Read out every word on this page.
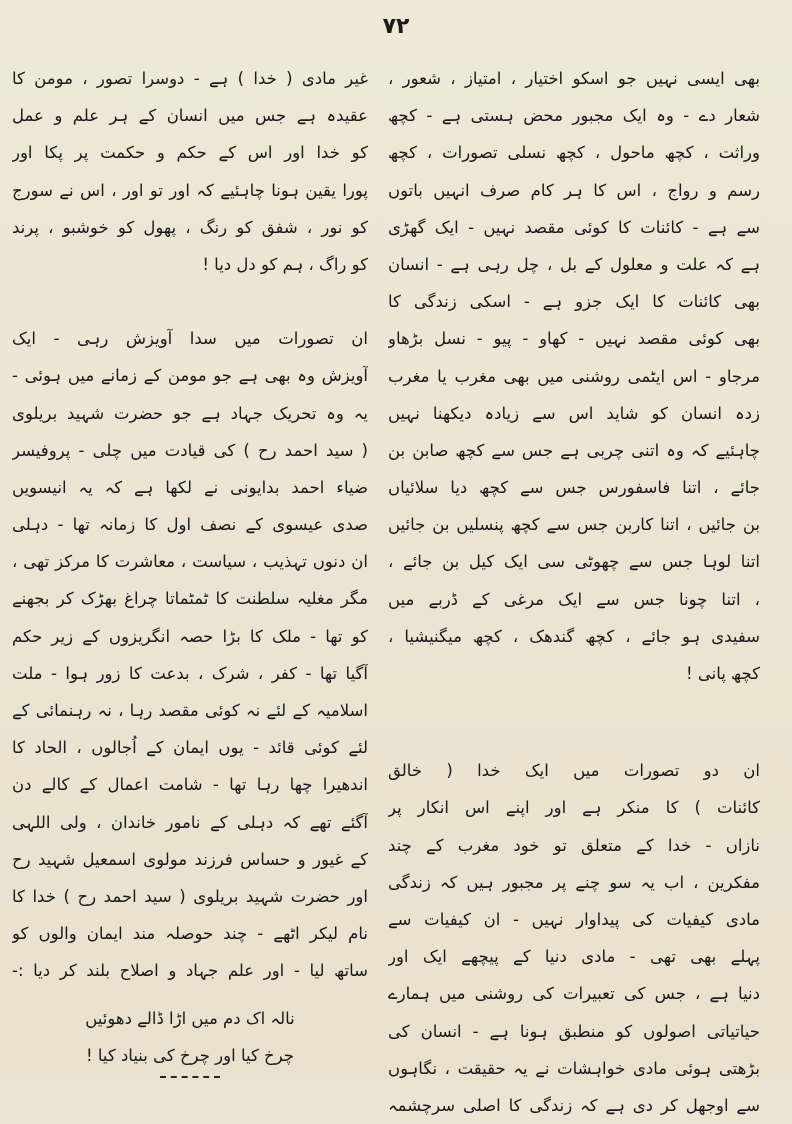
۷۲
بھی ایسی نہیں جو اسکو اختیار ، امتیاز ، شعور ،
شعار دے - وہ ایک مجبور محض ہستی ہے - کچھ
وراثت ، کچھ ماحول ، کچھ نسلی تصورات ، کچھ
رسم و رواج ، اس کا ہر کام صرف انہیں باتوں
سے ہے - کائنات کا کوئی مقصد نہیں - ایک گھڑی
ہے کہ علت و معلول کے بل ، چل رہی ہے - انسان
بھی کائنات کا ایک جزو ہے - اسکی زندگی کا
بھی کوئی مقصد نہیں - کھاو - پیو - نسل بڑھاو
مرجاو - اس ایٹمی روشنی میں بھی مغرب یا مغرب
زدہ انسان کو شاید اس سے زیادہ دیکھنا نہیں
چاہئیے کہ وہ اتنی چربی ہے جس سے کچھ صابن بن
جائے ، اتنا فاسفورس جس سے کچھ دیا سلائیاں
بن جائیں ، اتنا کاربن جس سے کچھ پنسلیں بن جائیں
اتنا لوہا جس سے چھوٹی سی ایک کیل بن جائے ،
، اتنا چونا جس سے ایک مرغی کے ڈربے میں
سفیدی ہو جائے ، کچھ گندھک ، کچھ میگنیشیا ،
کچھ پانی !
ان دو تصورات میں ایک خدا ( خالق
کائنات ) کا منکر ہے اور اپنے اس انکار پر
نازاں - خدا کے متعلق تو خود مغرب کے چند
مفکرین ، اب یہ سو چنے پر مجبور ہیں کہ زندگی
مادی کیفیات کی پیداوار نہیں - ان کیفیات سے
پہلے بھی تھی - مادی دنیا کے پیچھے ایک اور
دنیا ہے ، جس کی تعبیرات کی روشنی میں ہمارے
حیاتیاتی اصولوں کو منطبق ہونا ہے - انسان کی
بڑھتی ہوئی مادی خواہشات نے یہ حقیقت ، نگاہوں
سے اوجھل کر دی ہے کہ زندگی کا اصلی سرچشمہ
غیر مادی ( خدا ) ہے - دوسرا تصور ، مومن کا
عقیدہ ہے جس میں انسان کے ہر علم و عمل
کو خدا اور اس کے حکم و حکمت پر پکا اور
پورا یقین ہونا چاہئیے کہ اور تو اور ، اس نے سورج
کو نور ، شفق کو رنگ ، پھول کو خوشبو ، پرند
کو راگ ، ہم کو دل دیا !
ان تصورات میں سدا آویزش رہی - ایک
آویزش وہ بھی ہے جو مومن کے زمانے میں ہوئی -
یہ وہ تحریک جہاد ہے جو حضرت شہید بریلوی
( سید احمد رح ) کی قیادت میں چلی - پروفیسر
ضیاء احمد بدایونی نے لکھا ہے کہ یہ انیسویں
صدی عیسوی کے نصف اول کا زمانہ تھا - دہلی
ان دنوں تہذیب ، سیاست ، معاشرت کا مرکز تھی ،
مگر مغلیہ سلطنت کا ٹمٹماتا چراغ بھڑک کر بجھنے
کو تھا - ملک کا بڑا حصہ انگریزوں کے زیر حکم
آگیا تھا - کفر ، شرک ، بدعت کا زور ہوا - ملت
اسلامیہ کے لئے نہ کوئی مقصد رہا ، نہ رہنمائی کے
لئے کوئی قائد - یوں ایمان کے اُجالوں ، الحاد کا
اندھیرا چھا رہا تھا - شامت اعمال کے کالے دن
آگئے تھے کہ دہلی کے نامور خاندان ، ولی اللہی
کے غیور و حساس فرزند مولوی اسمعیل شہید رح
اور حضرت شہید بریلوی ( سید احمد رح ) خدا کا
نام لیکر اٹھے - چند حوصلہ مند ایمان والوں کو
ساتھ لیا - اور علم جہاد و اصلاح بلند کر دیا :-
نالہ اک دم میں اڑا ڈالے دھوئیں
چرخ کیا اور چرخ کی بنیاد کیا !
